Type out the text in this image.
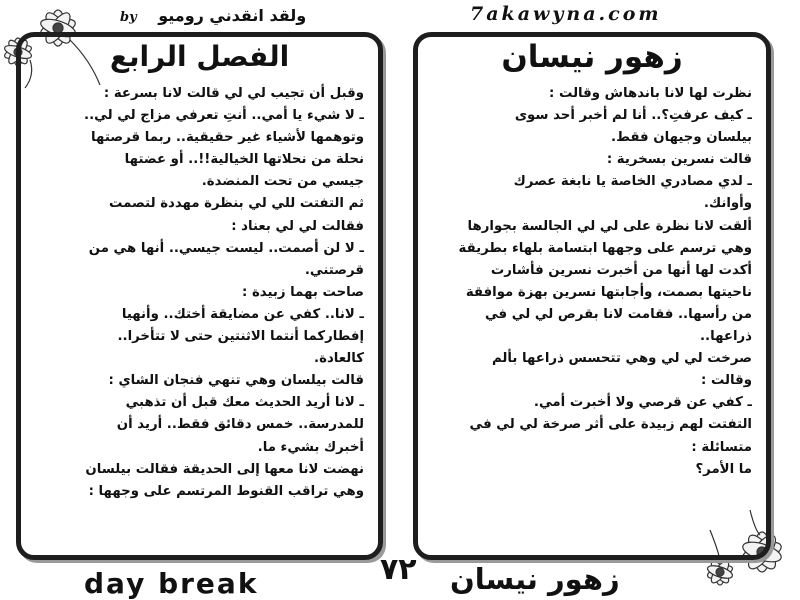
by ولقد انقدني روميو	7akawyna.com
الفصل الرابع
وقبل أن تجيب لي لي قالت لانا بسرعة :
ـ لا شيء يا أمي.. أنتِ تعرفي مزاج لي لي..
وتوهمها لأشياء غير حقيقية.. ربما قرصتها
نحلة من نحلاتها الخيالية!!.. أو عضتها
جيسي من تحت المنضدة.
ثم التفتت للي لي بنظرة مهددة لتصمت
فقالت لي لي بعناد :
ـ لا لن أصمت.. ليست جيسي.. أنها هي من
قرصتني.
صاحت بهما زبيدة :
ـ لانا.. كفي عن مضايقة أختك.. وأنهيا
إفطاركما أنتما الاثنتين حتى لا تتأخرا..
كالعادة.
قالت بيلسان وهي تنهي فنجان الشاي :
ـ لانا أريد الحديث معك قبل أن تذهبي
للمدرسة.. خمس دقائق فقط.. أريد أن
أخبرك بشيء ما.
نهضت لانا معها إلى الحديقة فقالت بيلسان
وهي تراقب القنوط المرتسم على وجهها :
زهور نيسان
نظرت لها لانا باندهاش وقالت :
ـ كيف عرفتِ؟.. أنا لم أخبر أحد سوى
بيلسان وجيهان فقط.
قالت نسرين بسخرية :
ـ لدي مصادري الخاصة يا نابغة عصرك
وأوانك.
ألقت لانا نظرة على لي لي الجالسة بجوارها
وهي ترسم على وجهها ابتسامة بلهاء بطريقة
أكدت لها أنها من أخبرت نسرين فأشارت
ناحيتها بصمت، وأجابتها نسرين بهزة موافقة
من رأسها.. فقامت لانا بقرص لي لي في
ذراعها..
صرخت لي لي وهي تتحسس ذراعها بألم
وقالت :
ـ كفي عن قرصي ولا أخبرت أمي.
التفتت لهم زبيدة على أثر صرخة لي لي في
متسائلة :
ما الأمر؟
day break	٧٢ زهور نيسان
